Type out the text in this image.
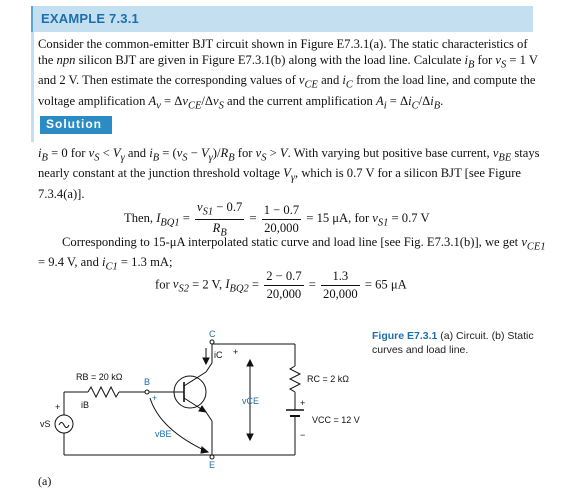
EXAMPLE 7.3.1
Consider the common-emitter BJT circuit shown in Figure E7.3.1(a). The static characteristics of the npn silicon BJT are given in Figure E7.3.1(b) along with the load line. Calculate $i_B$ for $v_S = 1$ V and 2 V. Then estimate the corresponding values of $v_{CE}$ and $i_C$ from the load line, and compute the voltage amplification $A_v = \Delta v_{CE}/\Delta v_S$ and the current amplification $A_i = \Delta i_C/\Delta i_B$.
Solution
$i_B = 0$ for $v_S < V_\gamma$ and $i_B = (v_S - V_\gamma)/R_B$ for $v_S > V$. With varying but positive base current, $v_{BE}$ stays nearly constant at the junction threshold voltage $V_\gamma$, which is 0.7 V for a silicon BJT [see Figure 7.3.4(a)].
Then, $I_{BQ1} = \frac{v_{S1} - 0.7}{R_B} = \frac{1 - 0.7}{20,000} = 15$ μA, for $v_{S1} = 0.7$ V
Corresponding to 15-μA interpolated static curve and load line [see Fig. E7.3.1(b)], we get $v_{CE1} = 9.4$ V, and $i_{C1} = 1.3$ mA;
for $v_{S2} = 2$ V, $I_{BQ2} = \frac{2 - 0.7}{20,000} = \frac{1.3}{20,000} = 65$ μA
Figure E7.3.1 (a) Circuit. (b) Static curves and load line.
RB = 20 kΩ B
C
E
iC +
vCE
RC = 2 kΩ
+
VCC = 12 V
−
+
iB
+
vS
vBE
(a)
